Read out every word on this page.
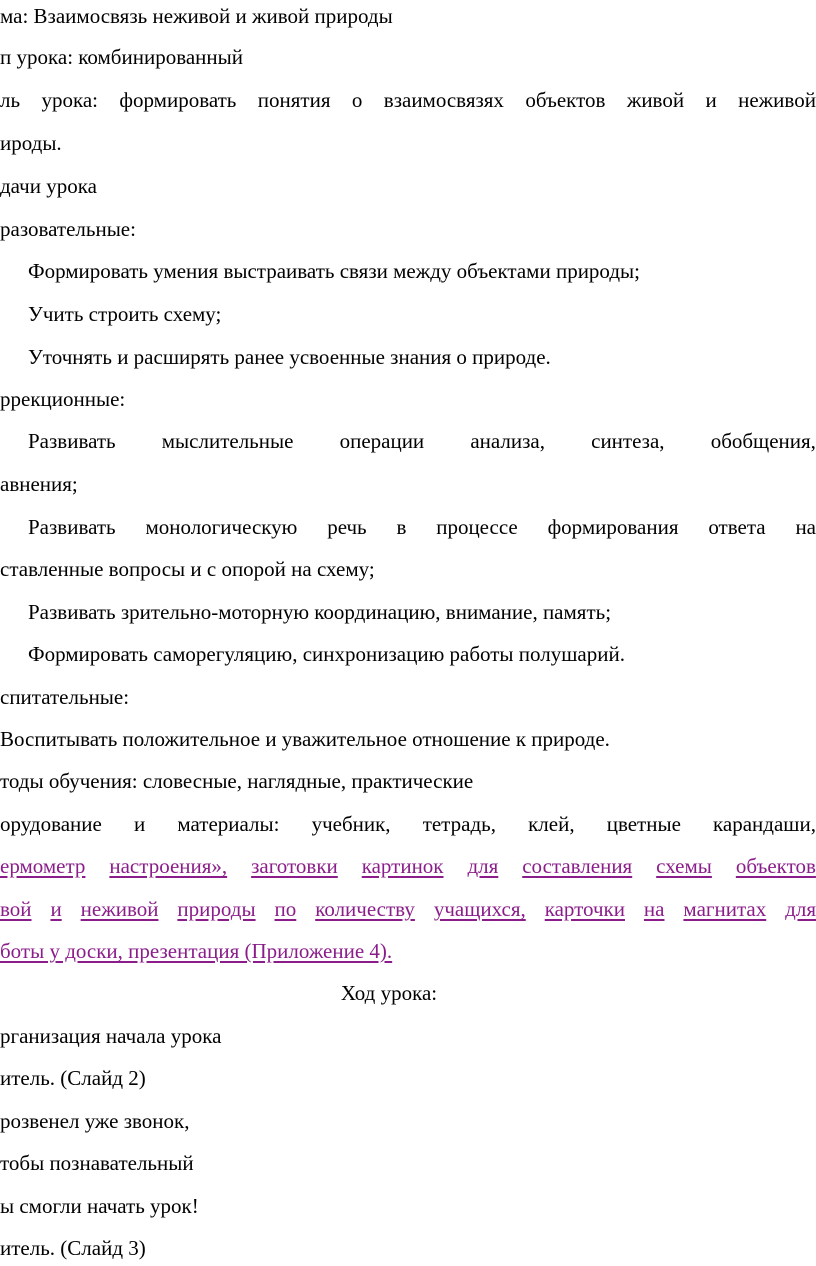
ма: Взаимосвязь неживой и живой природы
п урока: комбинированный
ль урока: формировать понятия о взаимосвязях объектов живой и неживой
ироды.
дачи урока
разовательные:
Формировать умения выстраивать связи между объектами природы;
Учить строить схему;
Уточнять и расширять ранее усвоенные знания о природе.
ррекционные:
Развивать мыслительные операции анализа, синтеза, обобщения,
авнения;
Развивать монологическую речь в процессе формирования ответа на
ставленные вопросы и с опорой на схему;
Развивать зрительно-моторную координацию, внимание, память;
Формировать саморегуляцию, синхронизацию работы полушарий.
спитательные:
Воспитывать положительное и уважительное отношение к природе.
тоды обучения: словесные, наглядные, практические
орудование и материалы: учебник, тетрадь, клей, цветные карандаши,
ермометр настроения», заготовки картинок для составления схемы объектов
вой и неживой природы по количеству учащихся, карточки на магнитах для
боты у доски, презентация (Приложение 4).
Ход урока:
рганизация начала урока
итель. (Слайд 2)
розвенел уже звонок,
тобы познавательный
ы смогли начать урок!
итель. (Слайд 3)
